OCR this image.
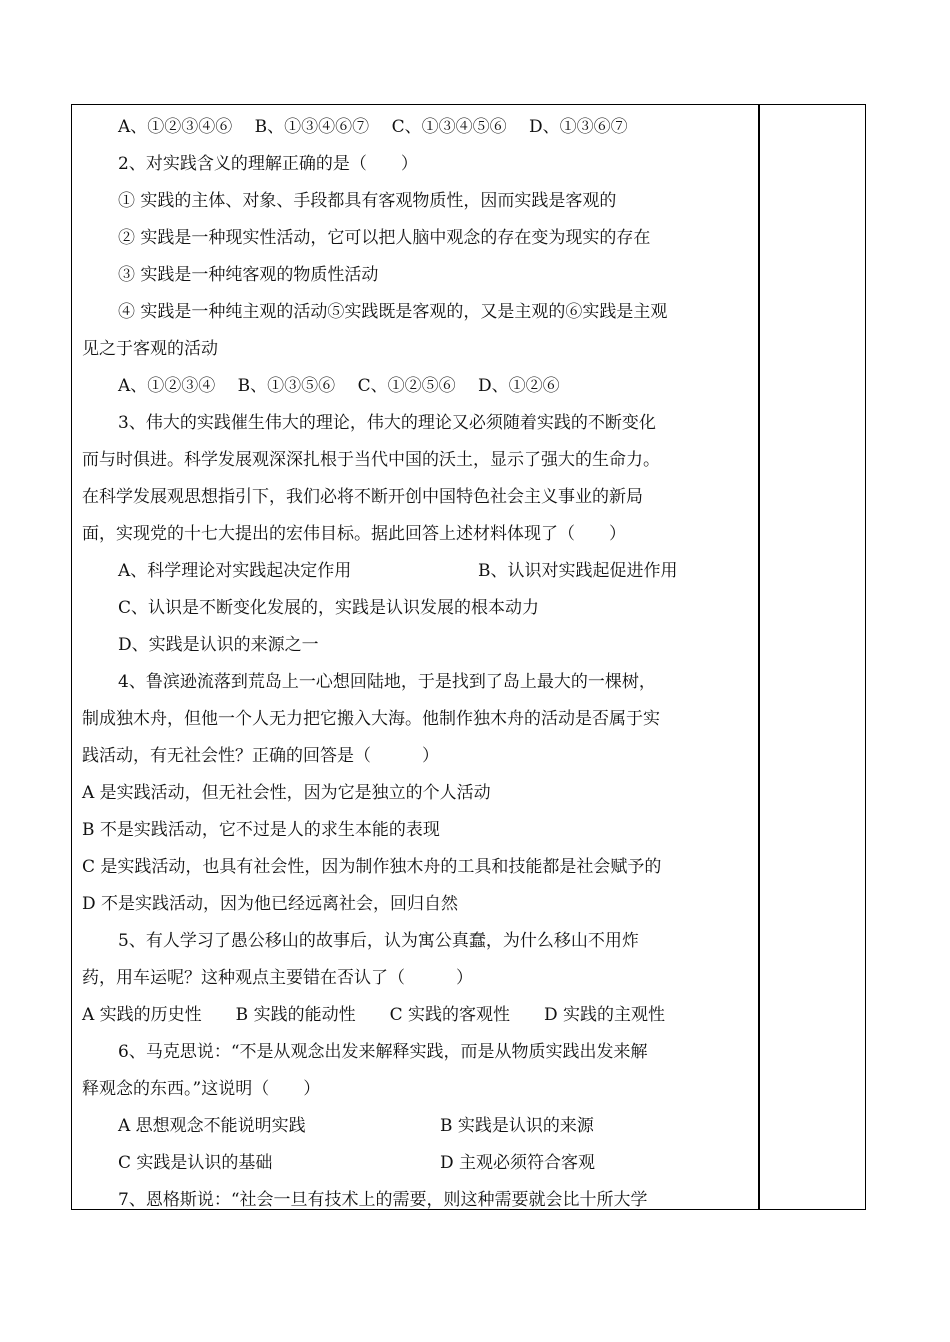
A、①②③④⑥　 B、①③④⑥⑦　 C、①③④⑤⑥　 D、①③⑥⑦
2、对实践含义的理解正确的是（　　）
① 实践的主体、对象、手段都具有客观物质性，因而实践是客观的
② 实践是一种现实性活动，它可以把人脑中观念的存在变为现实的存在
③ 实践是一种纯客观的物质性活动
④ 实践是一种纯主观的活动⑤实践既是客观的，又是主观的⑥实践是主观
见之于客观的活动
A、①②③④　 B、①③⑤⑥　 C、①②⑤⑥　 D、①②⑥
3、伟大的实践催生伟大的理论，伟大的理论又必须随着实践的不断变化
而与时俱进。科学发展观深深扎根于当代中国的沃土，显示了强大的生命力。
在科学发展观思想指引下，我们必将不断开创中国特色社会主义事业的新局
面，实现党的十七大提出的宏伟目标。据此回答上述材料体现了（　　）
A、科学理论对实践起决定作用	B、认识对实践起促进作用
C、认识是不断变化发展的，实践是认识发展的根本动力
D、实践是认识的来源之一
4、鲁滨逊流落到荒岛上一心想回陆地，于是找到了岛上最大的一棵树，
制成独木舟，但他一个人无力把它搬入大海。他制作独木舟的活动是否属于实
践活动，有无社会性？正确的回答是（　　　）
A 是实践活动，但无社会性，因为它是独立的个人活动
B 不是实践活动，它不过是人的求生本能的表现
C 是实践活动，也具有社会性，因为制作独木舟的工具和技能都是社会赋予的
D 不是实践活动，因为他已经远离社会，回归自然
5、有人学习了愚公移山的故事后，认为寓公真蠢，为什么移山不用炸
药，用车运呢？这种观点主要错在否认了（　　　）
A 实践的历史性　　B 实践的能动性　　C 实践的客观性　　D 实践的主观性
6、马克思说：“不是从观念出发来解释实践，而是从物质实践出发来解
释观念的东西。”这说明（　　）
A 思想观念不能说明实践	B 实践是认识的来源
C 实践是认识的基础	D 主观必须符合客观
7、恩格斯说：“社会一旦有技术上的需要，则这种需要就会比十所大学
